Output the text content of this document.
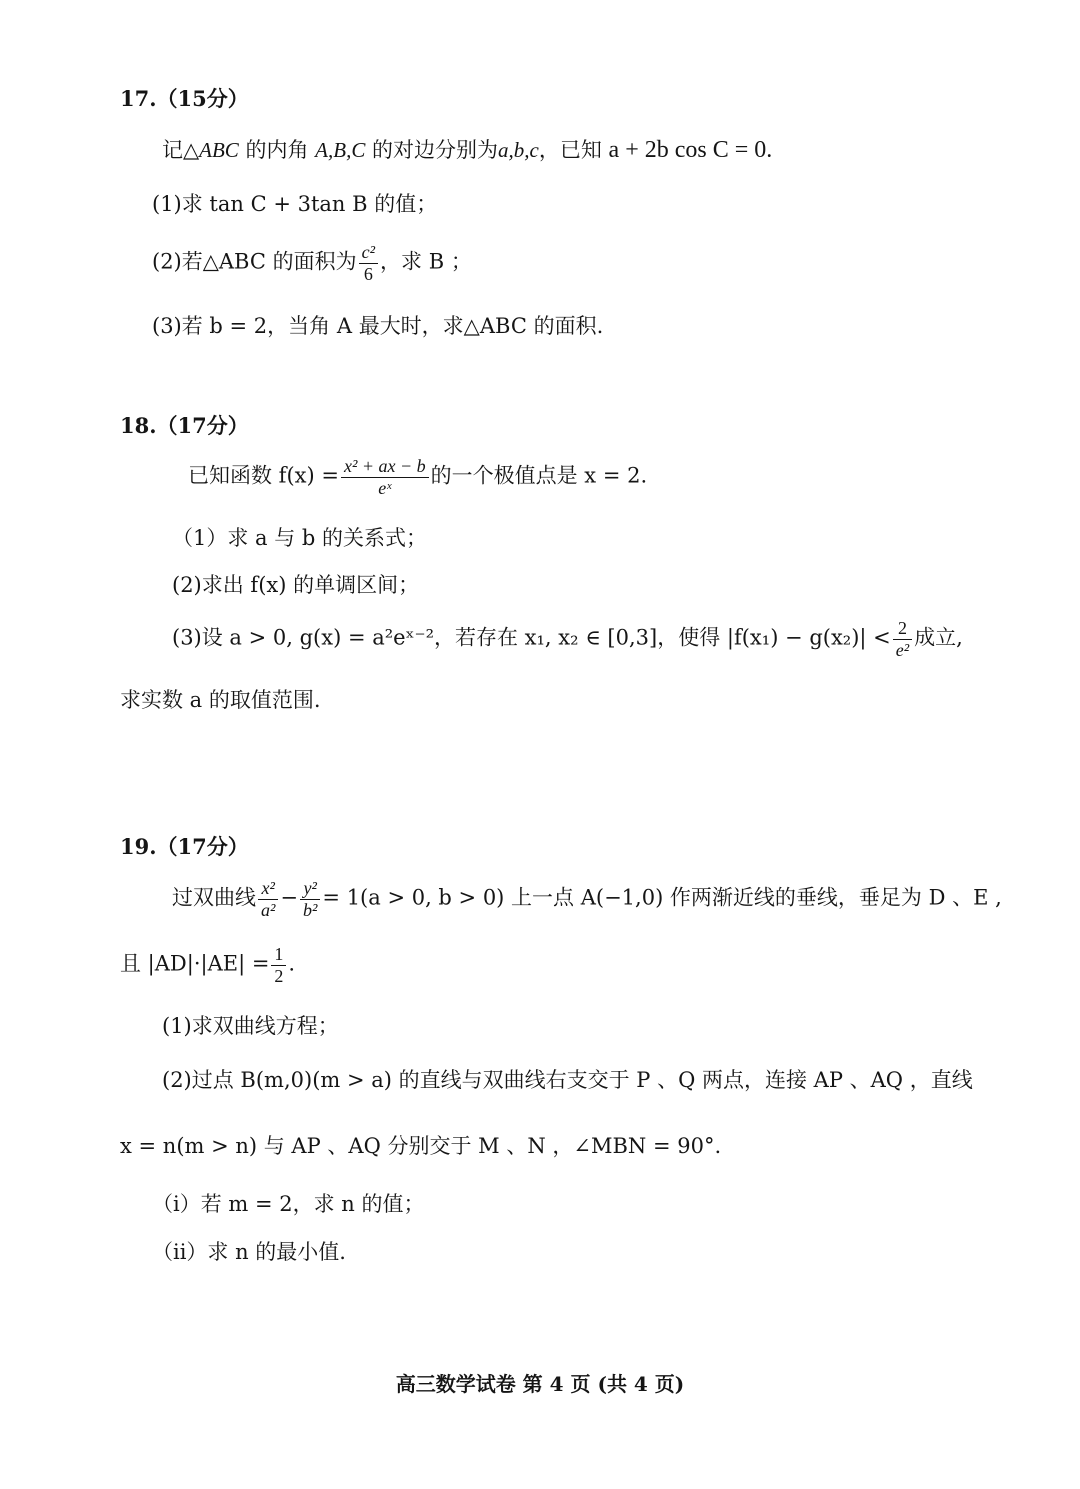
17.（15分）
记△ABC 的内角 A,B,C 的对边分别为a,b,c，已知 a + 2b cos C = 0.
(1)求 tan C + 3tan B 的值；
(2)若△ABC 的面积为 $\frac{\text{c²}}{6}$ ，求 B ；
(3)若 b = 2，当角 A 最大时，求△ABC 的面积.
18.（17分）
已知函数 $f(x) = \frac{\text{x² + ax − b}}{\text{eˣ}}$ 的一个极值点是 x = 2.
（1）求 a 与 b 的关系式；
(2)求出 f(x) 的单调区间；
(3)设 a > 0, g(x) = a²eˣ⁻²，若存在 x₁, x₂ ∈ [0,3]，使得 $|f(x_1) - g(x_2)| < \frac{2}{\text{e²}}$ 成立,
求实数 a 的取值范围.
19.（17分）
过双曲线 $\frac{\text{x²}}{\text{a²}} - \frac{\text{y²}}{\text{b²}} = 1(a > 0$, b > 0) 上一点 A(−1,0) 作两渐近线的垂线，垂足为 D 、E ,
且 $|AD|\cdot|AE| = \frac{1}{2}$ .
(1)求双曲线方程；
(2)过点 B(m,0)(m > a) 的直线与双曲线右支交于 P 、Q 两点，连接 AP 、AQ ，直线
x = n(m > n) 与 AP 、AQ 分别交于 M 、N ，∠MBN = 90°.
（i）若 m = 2，求 n 的值；
（ii）求 n 的最小值.
高三数学试卷 第 4 页 (共 4 页)
